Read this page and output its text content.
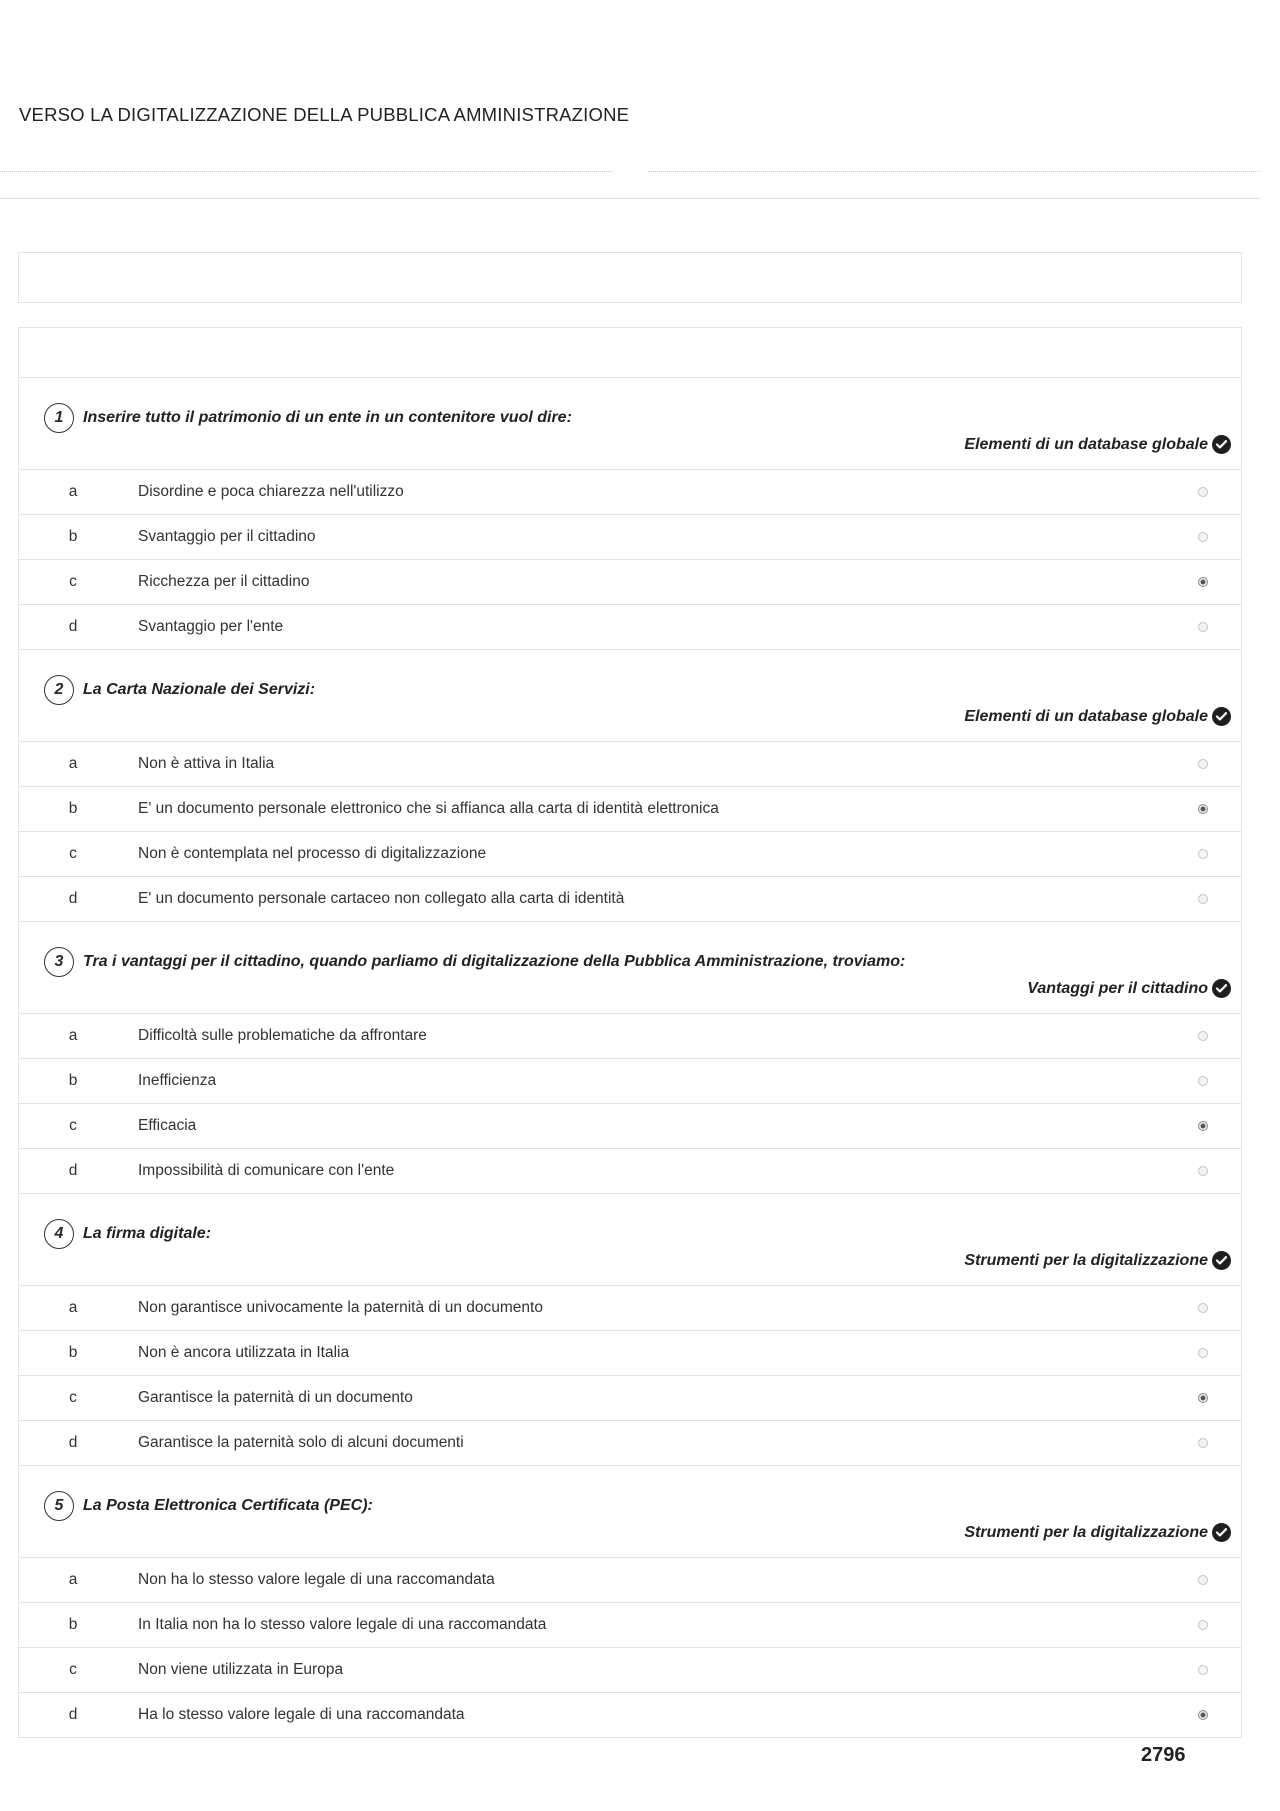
VERSO LA DIGITALIZZAZIONE DELLA PUBBLICA AMMINISTRAZIONE
1	Inserire tutto il patrimonio di un ente in un contenitore vuol dire:
Elementi di un database globale
a	Disordine e poca chiarezza nell'utilizzo
b	Svantaggio per il cittadino
c	Ricchezza per il cittadino
d	Svantaggio per l'ente
2	La Carta Nazionale dei Servizi:
Elementi di un database globale
a	Non è attiva in Italia
b	E' un documento personale elettronico che si affianca alla carta di identità elettronica
c	Non è contemplata nel processo di digitalizzazione
d	E' un documento personale cartaceo non collegato alla carta di identità
3	Tra i vantaggi per il cittadino, quando parliamo di digitalizzazione della Pubblica Amministrazione, troviamo:
Vantaggi per il cittadino
a	Difficoltà sulle problematiche da affrontare
b	Inefficienza
c	Efficacia
d	Impossibilità di comunicare con l'ente
4	La firma digitale:
Strumenti per la digitalizzazione
a	Non garantisce univocamente la paternità di un documento
b	Non è ancora utilizzata in Italia
c	Garantisce la paternità di un documento
d	Garantisce la paternità solo di alcuni documenti
5	La Posta Elettronica Certificata (PEC):
Strumenti per la digitalizzazione
a	Non ha lo stesso valore legale di una raccomandata
b	In Italia non ha lo stesso valore legale di una raccomandata
c	Non viene utilizzata in Europa
d	Ha lo stesso valore legale di una raccomandata
2796
